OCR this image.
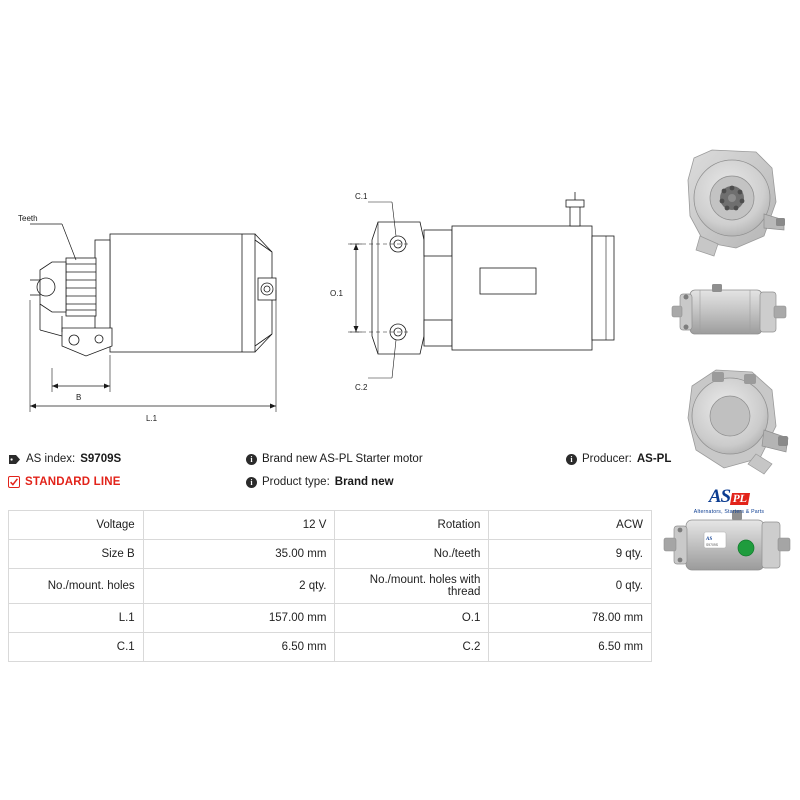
Teeth
B
L.1
C.1
C.2
O.1
AS
S9709S
AS index: S9709S	i Brand new AS-PL Starter motor	i Producer: AS-PL
STANDARD LINE	i Product type: Brand new
Voltage	12 V	Rotation	ACW
Size B	35.00 mm	No./teeth	9 qty.
No./mount. holes	2 qty.	No./mount. holes with thread	0 qty.
L.1	157.00 mm	O.1	78.00 mm
C.1	6.50 mm	C.2	6.50 mm
AS PL
Alternators, Starters & Parts
